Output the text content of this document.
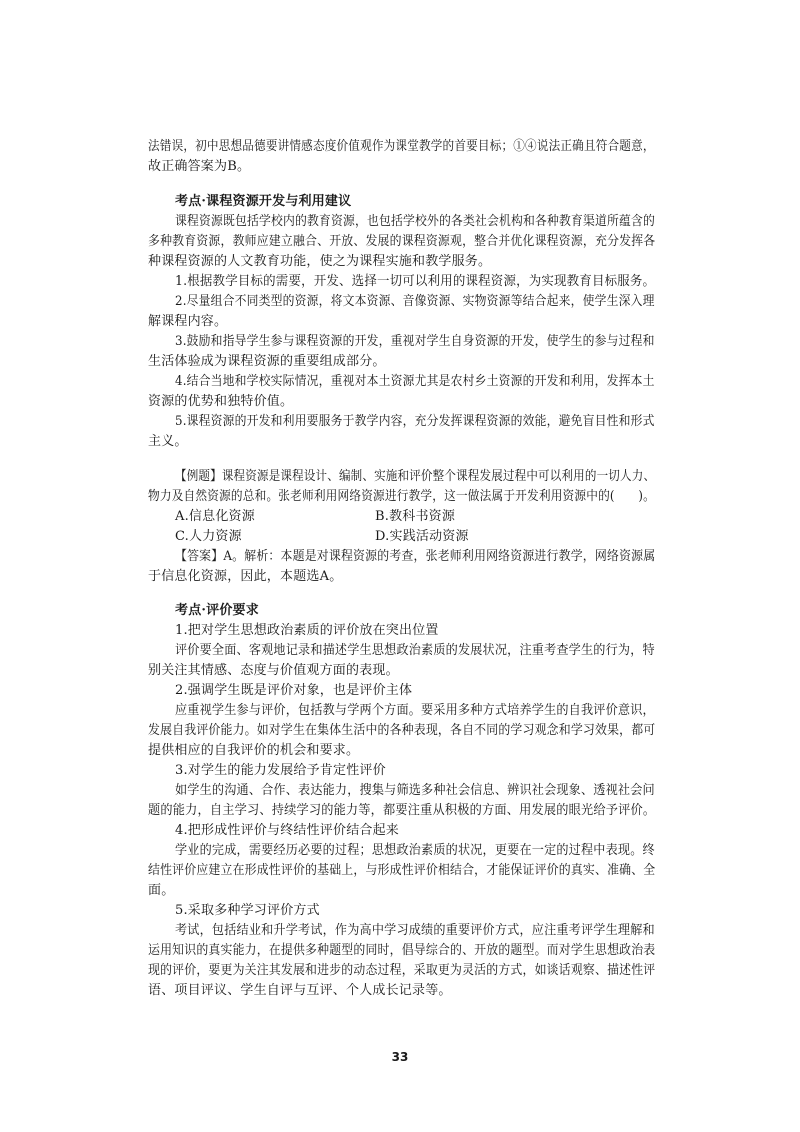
法错误，初中思想品德要讲情感态度价值观作为课堂教学的首要目标；①④说法正确且符合题意，
故正确答案为B。
考点·课程资源开发与利用建议
课程资源既包括学校内的教育资源，也包括学校外的各类社会机构和各种教育渠道所蕴含的
多种教育资源，教师应建立融合、开放、发展的课程资源观，整合并优化课程资源，充分发挥各
种课程资源的人文教育功能，使之为课程实施和教学服务。
1.根据教学目标的需要，开发、选择一切可以利用的课程资源，为实现教育目标服务。
2.尽量组合不同类型的资源，将文本资源、音像资源、实物资源等结合起来，使学生深入理
解课程内容。
3.鼓励和指导学生参与课程资源的开发，重视对学生自身资源的开发，使学生的参与过程和
生活体验成为课程资源的重要组成部分。
4.结合当地和学校实际情况，重视对本土资源尤其是农村乡土资源的开发和利用，发挥本土
资源的优势和独特价值。
5.课程资源的开发和利用要服务于教学内容，充分发挥课程资源的效能，避免盲目性和形式
主义。
【例题】课程资源是课程设计、编制、实施和评价整个课程发展过程中可以利用的一切人力、
物力及自然资源的总和。张老师利用网络资源进行教学，这一做法属于开发利用资源中的(　　)。
A.信息化资源	B.教科书资源
C.人力资源	D.实践活动资源
【答案】A。解析：本题是对课程资源的考查，张老师利用网络资源进行教学，网络资源属
于信息化资源，因此，本题选A。
考点·评价要求
1.把对学生思想政治素质的评价放在突出位置
评价要全面、客观地记录和描述学生思想政治素质的发展状况，注重考查学生的行为，特
别关注其情感、态度与价值观方面的表现。
2.强调学生既是评价对象，也是评价主体
应重视学生参与评价，包括教与学两个方面。要采用多种方式培养学生的自我评价意识，
发展自我评价能力。如对学生在集体生活中的各种表现，各自不同的学习观念和学习效果，都可
提供相应的自我评价的机会和要求。
3.对学生的能力发展给予肯定性评价
如学生的沟通、合作、表达能力，搜集与筛选多种社会信息、辨识社会现象、透视社会问
题的能力，自主学习、持续学习的能力等，都要注重从积极的方面、用发展的眼光给予评价。
4.把形成性评价与终结性评价结合起来
学业的完成，需要经历必要的过程；思想政治素质的状况，更要在一定的过程中表现。终
结性评价应建立在形成性评价的基础上，与形成性评价相结合，才能保证评价的真实、准确、全
面。
5.采取多种学习评价方式
考试，包括结业和升学考试，作为高中学习成绩的重要评价方式，应注重考评学生理解和
运用知识的真实能力，在提供多种题型的同时，倡导综合的、开放的题型。而对学生思想政治表
现的评价，要更为关注其发展和进步的动态过程，采取更为灵活的方式，如谈话观察、描述性评
语、项目评议、学生自评与互评、个人成长记录等。
33
